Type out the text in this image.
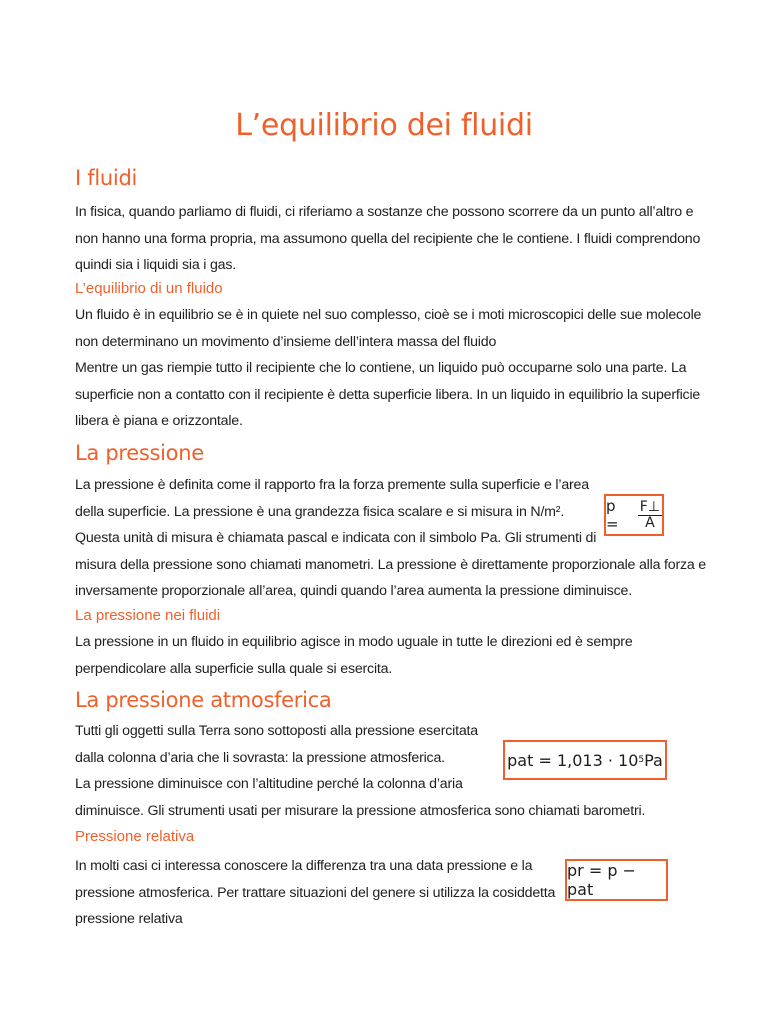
L’equilibrio dei fluidi
I fluidi
In fisica, quando parliamo di fluidi, ci riferiamo a sostanze che possono scorrere da un punto all’altro e
non hanno una forma propria, ma assumono quella del recipiente che le contiene. I fluidi comprendono
quindi sia i liquidi sia i gas.
L’equilibrio di un fluido
Un fluido è in equilibrio se è in quiete nel suo complesso, cioè se i moti microscopici delle sue molecole
non determinano un movimento d’insieme dell’intera massa del fluido
Mentre un gas riempie tutto il recipiente che lo contiene, un liquido può occuparne solo una parte. La
superficie non a contatto con il recipiente è detta superficie libera. In un liquido in equilibrio la superficie
libera è piana e orizzontale.
La pressione
La pressione è definita come il rapporto fra la forza premente sulla superficie e l’area
della superficie. La pressione è una grandezza fisica scalare e si misura in N/m².
Questa unità di misura è chiamata pascal e indicata con il simbolo Pa. Gli strumenti di
misura della pressione sono chiamati manometri. La pressione è direttamente proporzionale alla forza e
inversamente proporzionale all’area, quindi quando l’area aumenta la pressione diminuisce.
p =	$\frac{F\perp}{A}$
La pressione nei fluidi
La pressione in un fluido in equilibrio agisce in modo uguale in tutte le direzioni ed è sempre
perpendicolare alla superficie sulla quale si esercita.
La pressione atmosferica
Tutti gli oggetti sulla Terra sono sottoposti alla pressione esercitata
dalla colonna d’aria che li sovrasta: la pressione atmosferica.
La pressione diminuisce con l’altitudine perché la colonna d’aria
diminuisce. Gli strumenti usati per misurare la pressione atmosferica sono chiamati barometri.
pat = 1,013 · 10 5 Pa
Pressione relativa
In molti casi ci interessa conoscere la differenza tra una data pressione e la
pressione atmosferica. Per trattare situazioni del genere si utilizza la cosiddetta
pressione relativa
pr = p − pat
